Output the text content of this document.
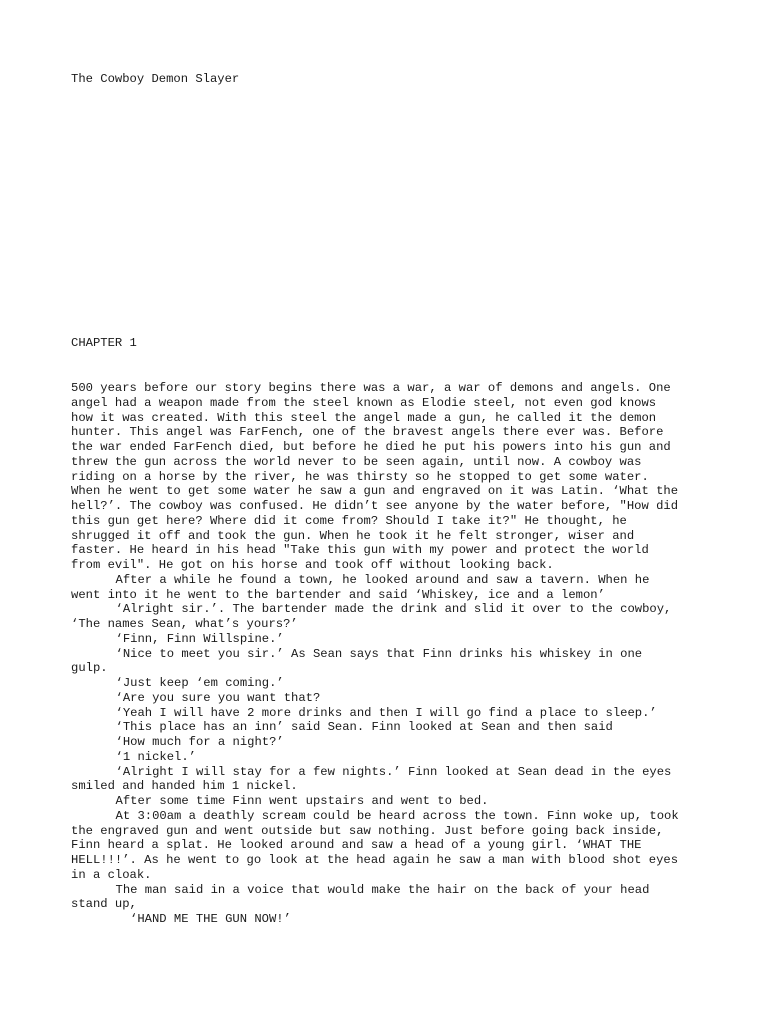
The Cowboy Demon Slayer
CHAPTER 1
500 years before our story begins there was a war, a war of demons and angels. One
angel had a weapon made from the steel known as Elodie steel, not even god knows
how it was created. With this steel the angel made a gun, he called it the demon
hunter. This angel was FarFench, one of the bravest angels there ever was. Before
the war ended FarFench died, but before he died he put his powers into his gun and
threw the gun across the world never to be seen again, until now. A cowboy was
riding on a horse by the river, he was thirsty so he stopped to get some water.
When he went to get some water he saw a gun and engraved on it was Latin. ‘What the
hell?’. The cowboy was confused. He didn’t see anyone by the water before, "How did
this gun get here? Where did it come from? Should I take it?" He thought, he
shrugged it off and took the gun. When he took it he felt stronger, wiser and
faster. He heard in his head "Take this gun with my power and protect the world
from evil". He got on his horse and took off without looking back.
After a while he found a town, he looked around and saw a tavern. When he
went into it he went to the bartender and said ‘Whiskey, ice and a lemon’
‘Alright sir.’. The bartender made the drink and slid it over to the cowboy,
‘The names Sean, what’s yours?’
‘Finn, Finn Willspine.’
‘Nice to meet you sir.’ As Sean says that Finn drinks his whiskey in one
gulp.
‘Just keep ‘em coming.’
‘Are you sure you want that?
‘Yeah I will have 2 more drinks and then I will go find a place to sleep.’
‘This place has an inn’ said Sean. Finn looked at Sean and then said
‘How much for a night?’
‘1 nickel.’
‘Alright I will stay for a few nights.’ Finn looked at Sean dead in the eyes
smiled and handed him 1 nickel.
After some time Finn went upstairs and went to bed.
At 3:00am a deathly scream could be heard across the town. Finn woke up, took
the engraved gun and went outside but saw nothing. Just before going back inside,
Finn heard a splat. He looked around and saw a head of a young girl. ‘WHAT THE
HELL!!!’. As he went to go look at the head again he saw a man with blood shot eyes
in a cloak.
The man said in a voice that would make the hair on the back of your head
stand up,
‘HAND ME THE GUN NOW!’
